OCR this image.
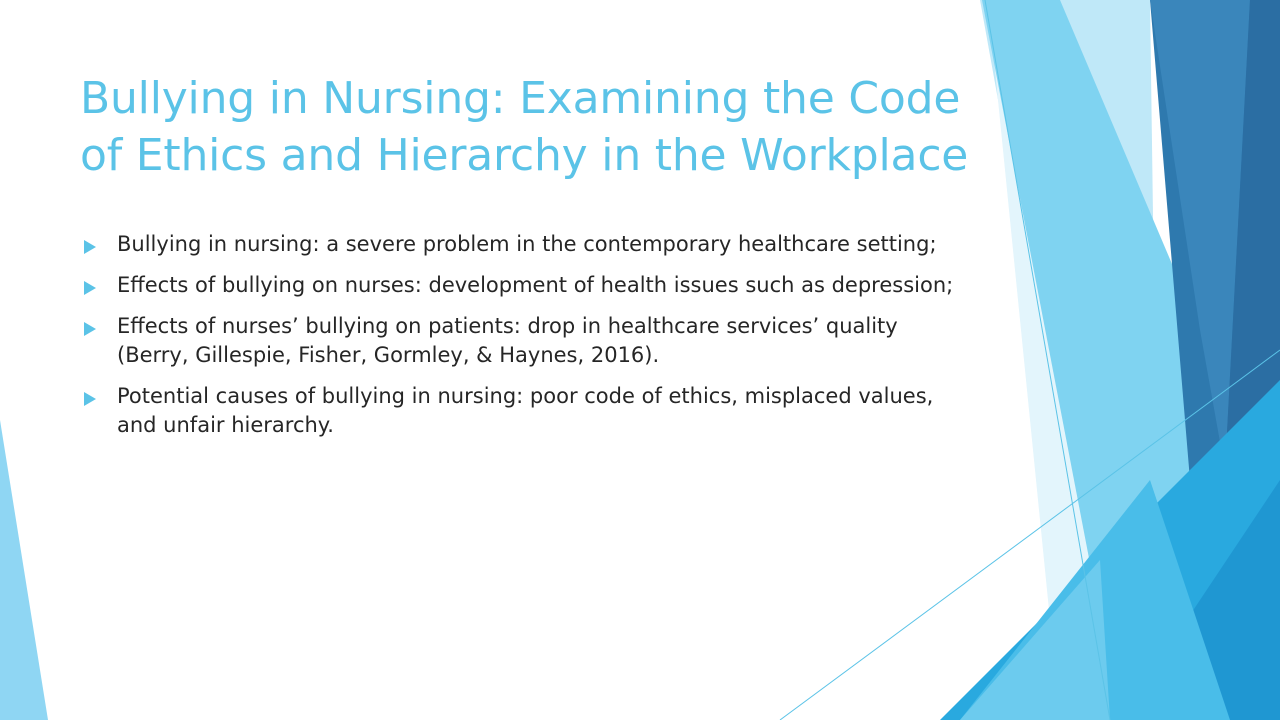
Bullying in Nursing: Examining the Code of Ethics and Hierarchy in the Workplace
Bullying in nursing: a severe problem in the contemporary healthcare setting;
Effects of bullying on nurses: development of health issues such as depression;
Effects of nurses’ bullying on patients: drop in healthcare services’ quality (Berry, Gillespie, Fisher, Gormley, & Haynes, 2016).
Potential causes of bullying in nursing: poor code of ethics, misplaced values, and unfair hierarchy.
